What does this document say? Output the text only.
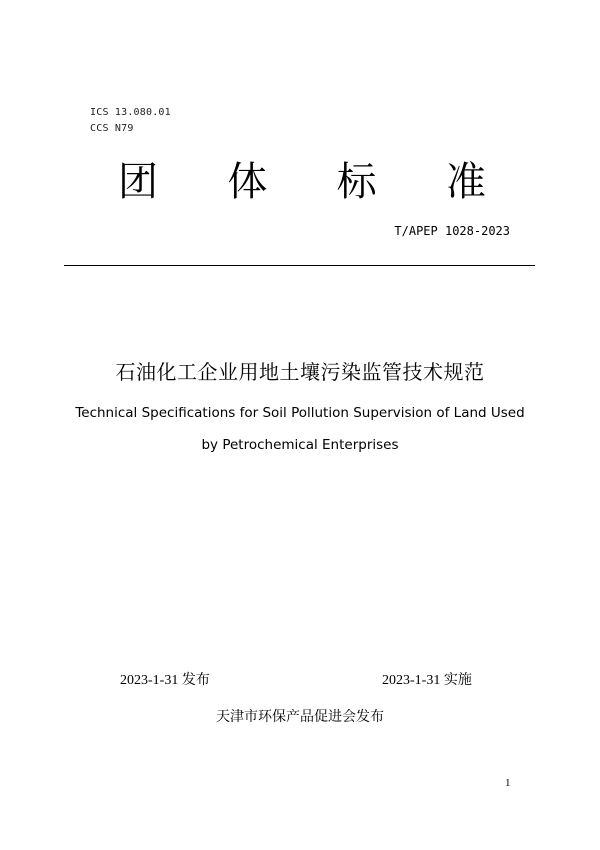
ICS 13.080.01
CCS N79
团 体 标 准
T/APEP 1028-2023
石油化工企业用地土壤污染监管技术规范
Technical Specifications for Soil Pollution Supervision of Land Used
by Petrochemical Enterprises
2023-1-31 发布	2023-1-31 实施
天津市环保产品促进会发布
1
